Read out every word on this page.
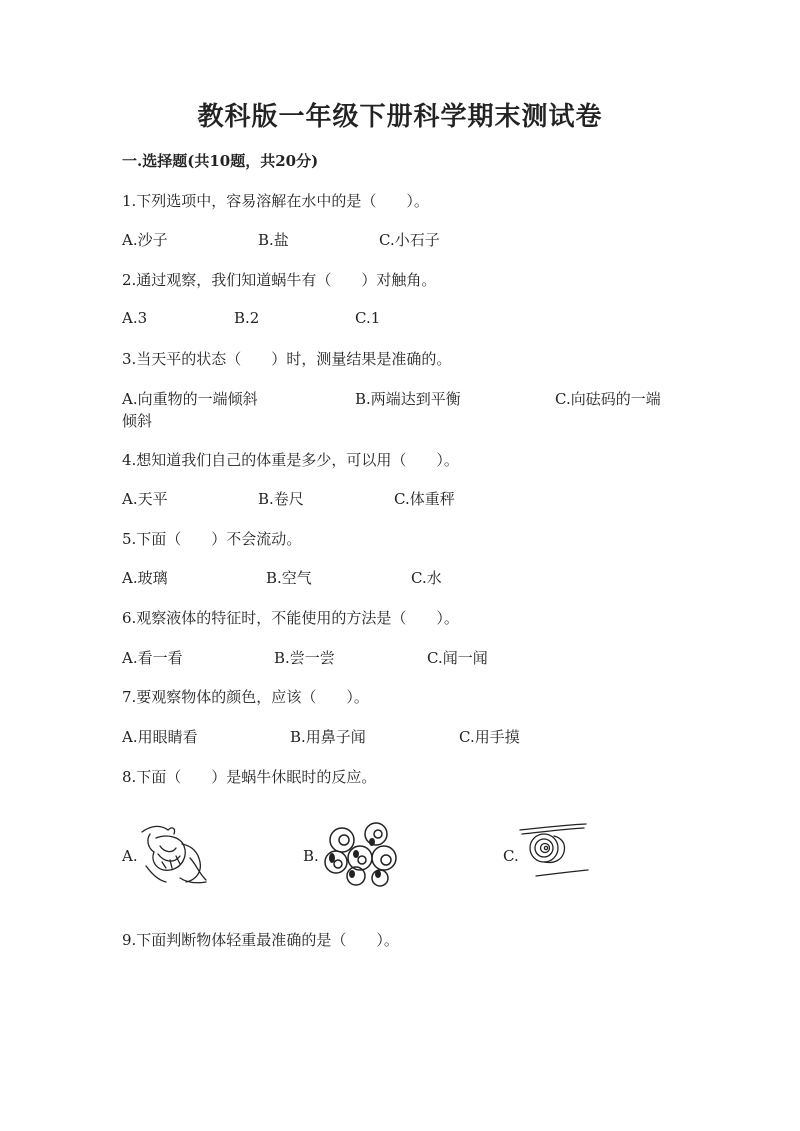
教科版一年级下册科学期末测试卷
一.选择题(共10题，共20分)
1.下列选项中，容易溶解在水中的是（　　）。
A.沙子	B.盐	C.小石子
2.通过观察，我们知道蜗牛有（　　）对触角。
A.3	B.2	C.1
3.当天平的状态（　　）时，测量结果是准确的。
A.向重物的一端倾斜	B.两端达到平衡	C.向砝码的一端
倾斜
4.想知道我们自己的体重是多少，可以用（　　）。
A.天平	B.卷尺	C.体重秤
5.下面（　　）不会流动。
A.玻璃	B.空气	C.水
6.观察液体的特征时，不能使用的方法是（　　）。
A.看一看	B.尝一尝	C.闻一闻
7.要观察物体的颜色，应该（　　）。
A.用眼睛看	B.用鼻子闻	C.用手摸
8.下面（　　）是蜗牛休眠时的反应。
A.	B.	C.
9.下面判断物体轻重最准确的是（　　）。
